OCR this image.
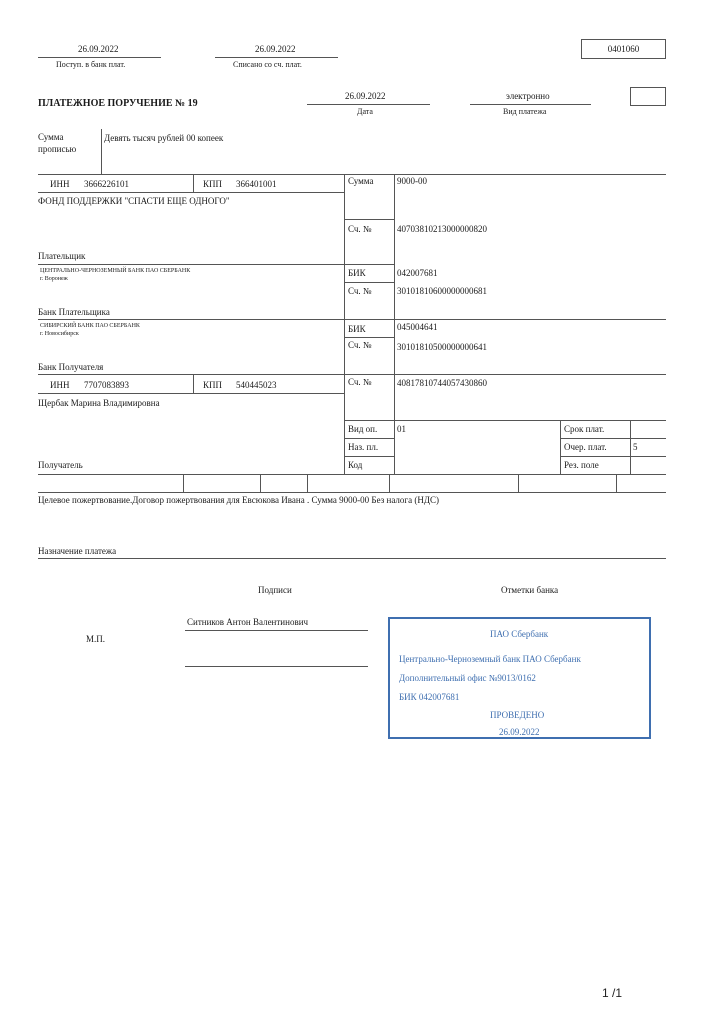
26.09.2022
Поступ. в банк плат.
26.09.2022
Списано со сч. плат.
0401060
ПЛАТЕЖНОЕ ПОРУЧЕНИЕ № 19
26.09.2022
Дата
электронно
Вид платежа
Сумма
прописью
Девять тысяч рублей 00 копеек
ИНН 3666226101	КПП 366401001
ФОНД ПОДДЕРЖКИ "СПАСТИ ЕЩЕ ОДНОГО"
Сумма	9000-00
Сч. №	40703810213000000820
Плательщик
ЦЕНТРАЛЬНО-ЧЕРНОЗЕМНЫЙ БАНК ПАО СБЕРБАНК
г. Воронеж
БИК	042007681
Сч. №	30101810600000000681
Банк Плательщика
СИБИРСКИЙ БАНК ПАО СБЕРБАНК
г. Новосибирск	БИК	045004641
Сч. №	30101810500000000641
Банк Получателя
ИНН 7707083893	КПП 540445023	Сч. №	40817810744057430860
Щербак Марина Владимировна
Вид оп. 01
Наз. пл.
Код
Срок плат.
Очер. плат.	5
Рез. поле
Получатель
Целевое пожертвование.Договор пожертвования для Евсюкова Ивана . Сумма 9000-00 Без налога (НДС)
Назначение платежа
Подписи	Отметки банка
Ситников Антон Валентинович
М.П.	ПАО Сбербанк
Центрально-Черноземный банк ПАО Сбербанк
Дополнительный офис №9013/0162
БИК 042007681
ПРОВЕДЕНО
26.09.2022
1 /1
